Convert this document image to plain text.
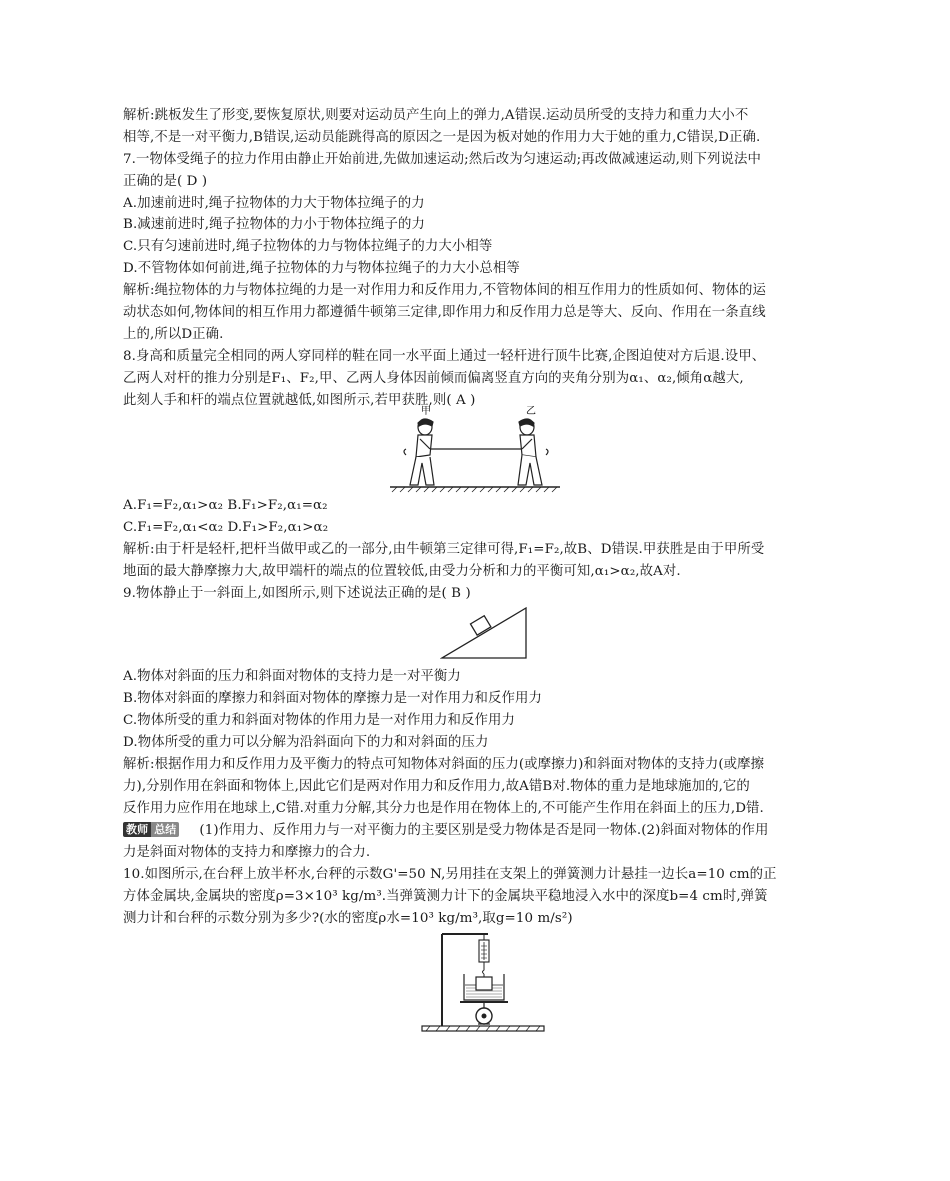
解析:跳板发生了形变,要恢复原状,则要对运动员产生向上的弹力,A错误.运动员所受的支持力和重力大小不
相等,不是一对平衡力,B错误,运动员能跳得高的原因之一是因为板对她的作用力大于她的重力,C错误,D正确.
7.一物体受绳子的拉力作用由静止开始前进,先做加速运动;然后改为匀速运动;再改做减速运动,则下列说法中
正确的是( D )
A.加速前进时,绳子拉物体的力大于物体拉绳子的力
B.减速前进时,绳子拉物体的力小于物体拉绳子的力
C.只有匀速前进时,绳子拉物体的力与物体拉绳子的力大小相等
D.不管物体如何前进,绳子拉物体的力与物体拉绳子的力大小总相等
解析:绳拉物体的力与物体拉绳的力是一对作用力和反作用力,不管物体间的相互作用力的性质如何、物体的运
动状态如何,物体间的相互作用力都遵循牛顿第三定律,即作用力和反作用力总是等大、反向、作用在一条直线
上的,所以D正确.
8.身高和质量完全相同的两人穿同样的鞋在同一水平面上通过一轻杆进行顶牛比赛,企图迫使对方后退.设甲、
乙两人对杆的推力分别是F₁、F₂,甲、乙两人身体因前倾而偏离竖直方向的夹角分别为α₁、α₂,倾角α越大,
此刻人手和杆的端点位置就越低,如图所示,若甲获胜,则( A )
甲	乙
A.F₁=F₂,α₁>α₂ B.F₁>F₂,α₁=α₂
C.F₁=F₂,α₁<α₂ D.F₁>F₂,α₁>α₂
解析:由于杆是轻杆,把杆当做甲或乙的一部分,由牛顿第三定律可得,F₁=F₂,故B、D错误.甲获胜是由于甲所受
地面的最大静摩擦力大,故甲端杆的端点的位置较低,由受力分析和力的平衡可知,α₁>α₂,故A对.
9.物体静止于一斜面上,如图所示,则下述说法正确的是( B )
A.物体对斜面的压力和斜面对物体的支持力是一对平衡力
B.物体对斜面的摩擦力和斜面对物体的摩擦力是一对作用力和反作用力
C.物体所受的重力和斜面对物体的作用力是一对作用力和反作用力
D.物体所受的重力可以分解为沿斜面向下的力和对斜面的压力
解析:根据作用力和反作用力及平衡力的特点可知物体对斜面的压力(或摩擦力)和斜面对物体的支持力(或摩擦
力),分别作用在斜面和物体上,因此它们是两对作用力和反作用力,故A错B对.物体的重力是地球施加的,它的
反作用力应作用在地球上,C错.对重力分解,其分力也是作用在物体上的,不可能产生作用在斜面上的压力,D错.
教师 总结 (1)作用力、反作用力与一对平衡力的主要区别是受力物体是否是同一物体.(2)斜面对物体的作用
力是斜面对物体的支持力和摩擦力的合力.
10.如图所示,在台秤上放半杯水,台秤的示数G'=50 N,另用挂在支架上的弹簧测力计悬挂一边长a=10 cm的正
方体金属块,金属块的密度ρ=3×10³ kg/m³.当弹簧测力计下的金属块平稳地浸入水中的深度b=4 cm时,弹簧
测力计和台秤的示数分别为多少?(水的密度ρ水=10³ kg/m³,取g=10 m/s²)
